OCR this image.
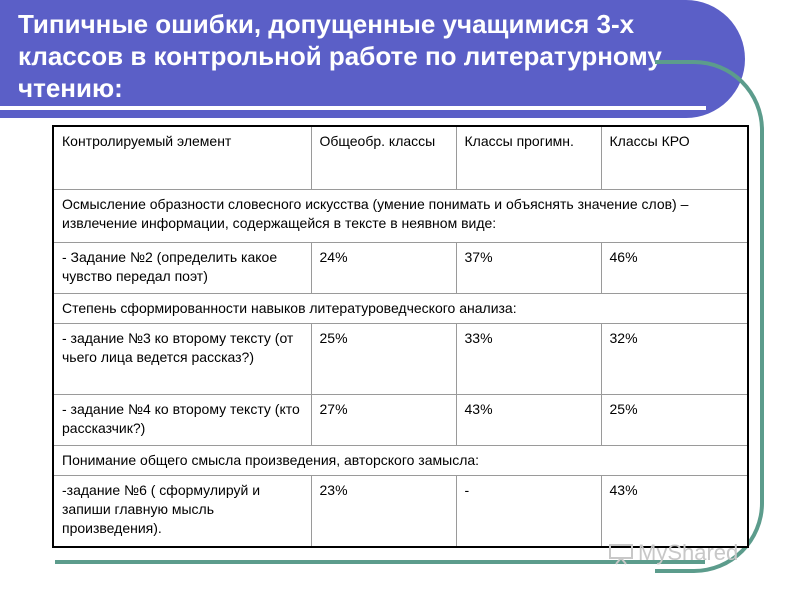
Типичные ошибки, допущенные учащимися 3-х классов в контрольной работе по литературному чтению:
Контролируемый элемент	Общеобр. классы	Классы прогимн.	Классы КРО
Осмысление образности словесного искусства (умение понимать и объяснять значение слов) – извлечение информации, содержащейся в тексте в неявном виде:			
- Задание №2 (определить какое чувство передал поэт)	24%	37%	46%
Степень сформированности навыков литературоведческого анализа:			
- задание №3 ко второму тексту (от чьего лица ведется рассказ?)	25%	33%	32%
- задание №4 ко второму тексту (кто рассказчик?)	27%	43%	25%
Понимание общего смысла произведения, авторского замысла:			
-задание №6 ( сформулируй и запиши главную мысль произведения).	23%	-	43%
MyShared
